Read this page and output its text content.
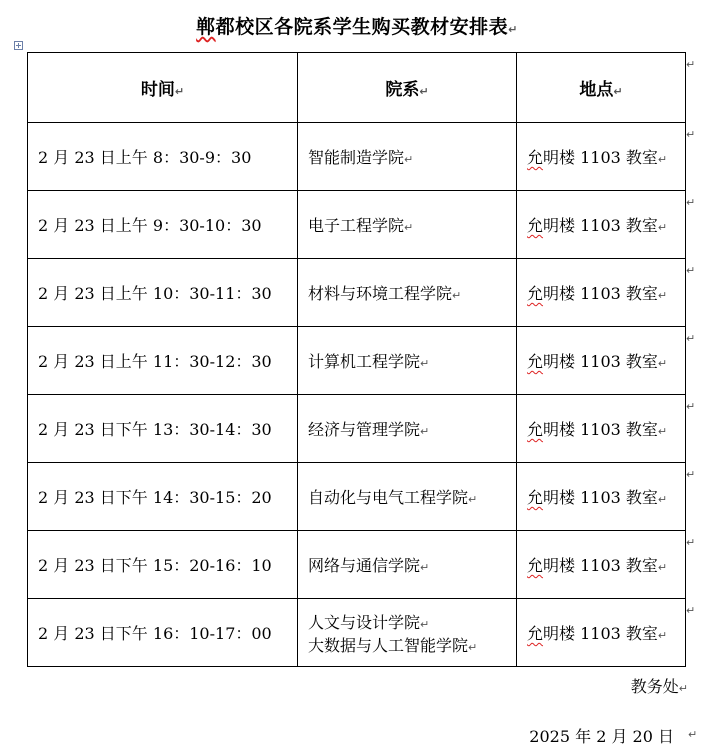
郸都校区各院系学生购买教材安排表↵
时间↵	院系↵	地点↵
2 月 23 日上午 8：30-9：30	智能制造学院↵	允明楼 1103 教室↵
2 月 23 日上午 9：30-10：30	电子工程学院↵	允明楼 1103 教室↵
2 月 23 日上午 10：30-11：30	材料与环境工程学院↵	允明楼 1103 教室↵
2 月 23 日上午 11：30-12：30	计算机工程学院↵	允明楼 1103 教室↵
2 月 23 日下午 13：30-14：30	经济与管理学院↵	允明楼 1103 教室↵
2 月 23 日下午 14：30-15：20	自动化与电气工程学院↵	允明楼 1103 教室↵
2 月 23 日下午 15：20-16：10	网络与通信学院↵	允明楼 1103 教室↵
2 月 23 日下午 16：10-17：00	人文与设计学院↵
大数据与人工智能学院↵	允明楼 1103 教室↵
教务处↵
2025 年 2 月 20 日 ↵
↵
↵
↵
↵
↵
↵
↵
↵
↵
